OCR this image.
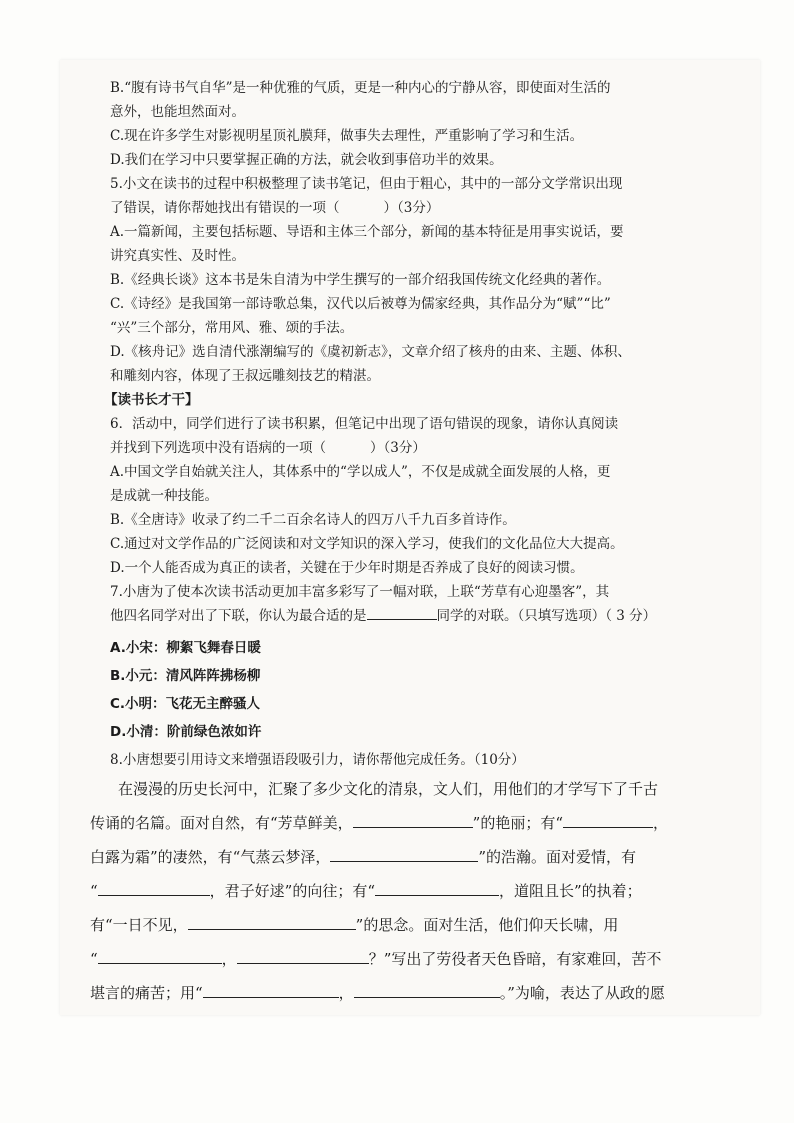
B.“腹有诗书气自华”是一种优雅的气质，更是一种内心的宁静从容，即使面对生活的
意外，也能坦然面对。
C.现在许多学生对影视明星顶礼膜拜，做事失去理性，严重影响了学习和生活。
D.我们在学习中只要掌握正确的方法，就会收到事倍功半的效果。
5.小文在读书的过程中积极整理了读书笔记，但由于粗心，其中的一部分文学常识出现
了错误，请你帮她找出有错误的一项（	）（3分）
A.一篇新闻，主要包括标题、导语和主体三个部分，新闻的基本特征是用事实说话，要
讲究真实性、及时性。
B.《经典长谈》这本书是朱自清为中学生撰写的一部介绍我国传统文化经典的著作。
C.《诗经》是我国第一部诗歌总集，汉代以后被尊为儒家经典，其作品分为“赋”“比”
“兴”三个部分，常用风、雅、颂的手法。
D.《核舟记》选自清代涨潮编写的《虞初新志》，文章介绍了核舟的由来、主题、体积、
和雕刻内容，体现了王叔远雕刻技艺的精湛。
【读书长才干】
6．活动中，同学们进行了读书积累，但笔记中出现了语句错误的现象，请你认真阅读
并找到下列选项中没有语病的一项（	）（3分）
A.中国文学自始就关注人，其体系中的“学以成人”，不仅是成就全面发展的人格，更
是成就一种技能。
B.《全唐诗》收录了约二千二百余名诗人的四万八千九百多首诗作。
C.通过对文学作品的广泛阅读和对文学知识的深入学习，使我们的文化品位大大提高。
D.一个人能否成为真正的读者，关键在于少年时期是否养成了良好的阅读习惯。
7.小唐为了使本次读书活动更加丰富多彩写了一幅对联，上联“芳草有心迎墨客”，其
他四名同学对出了下联，你认为最合适的是	同学的对联。（只填写选项）（ 3 分）
A.小宋：柳絮飞舞春日暖
B.小元：清风阵阵拂杨柳
C.小明：飞花无主醉骚人
D.小清：阶前绿色浓如许
8.小唐想要引用诗文来增强语段吸引力，请你帮他完成任务。（10分）
在漫漫的历史长河中，汇聚了多少文化的清泉，文人们，用他们的才学写下了千古
传诵的名篇。面对自然，有“芳草鲜美，	”的艳丽；有“	，
白露为霜”的凄然，有“气蒸云梦泽，	”的浩瀚。面对爱情，有
“	，君子好逑”的向往；有“	，道阻且长”的执着；
有“一日不见，	”的思念。面对生活，他们仰天长啸，用
“	，	？”写出了劳役者天色昏暗，有家难回，苦不
堪言的痛苦；用“	，	。”为喻，表达了从政的愿
